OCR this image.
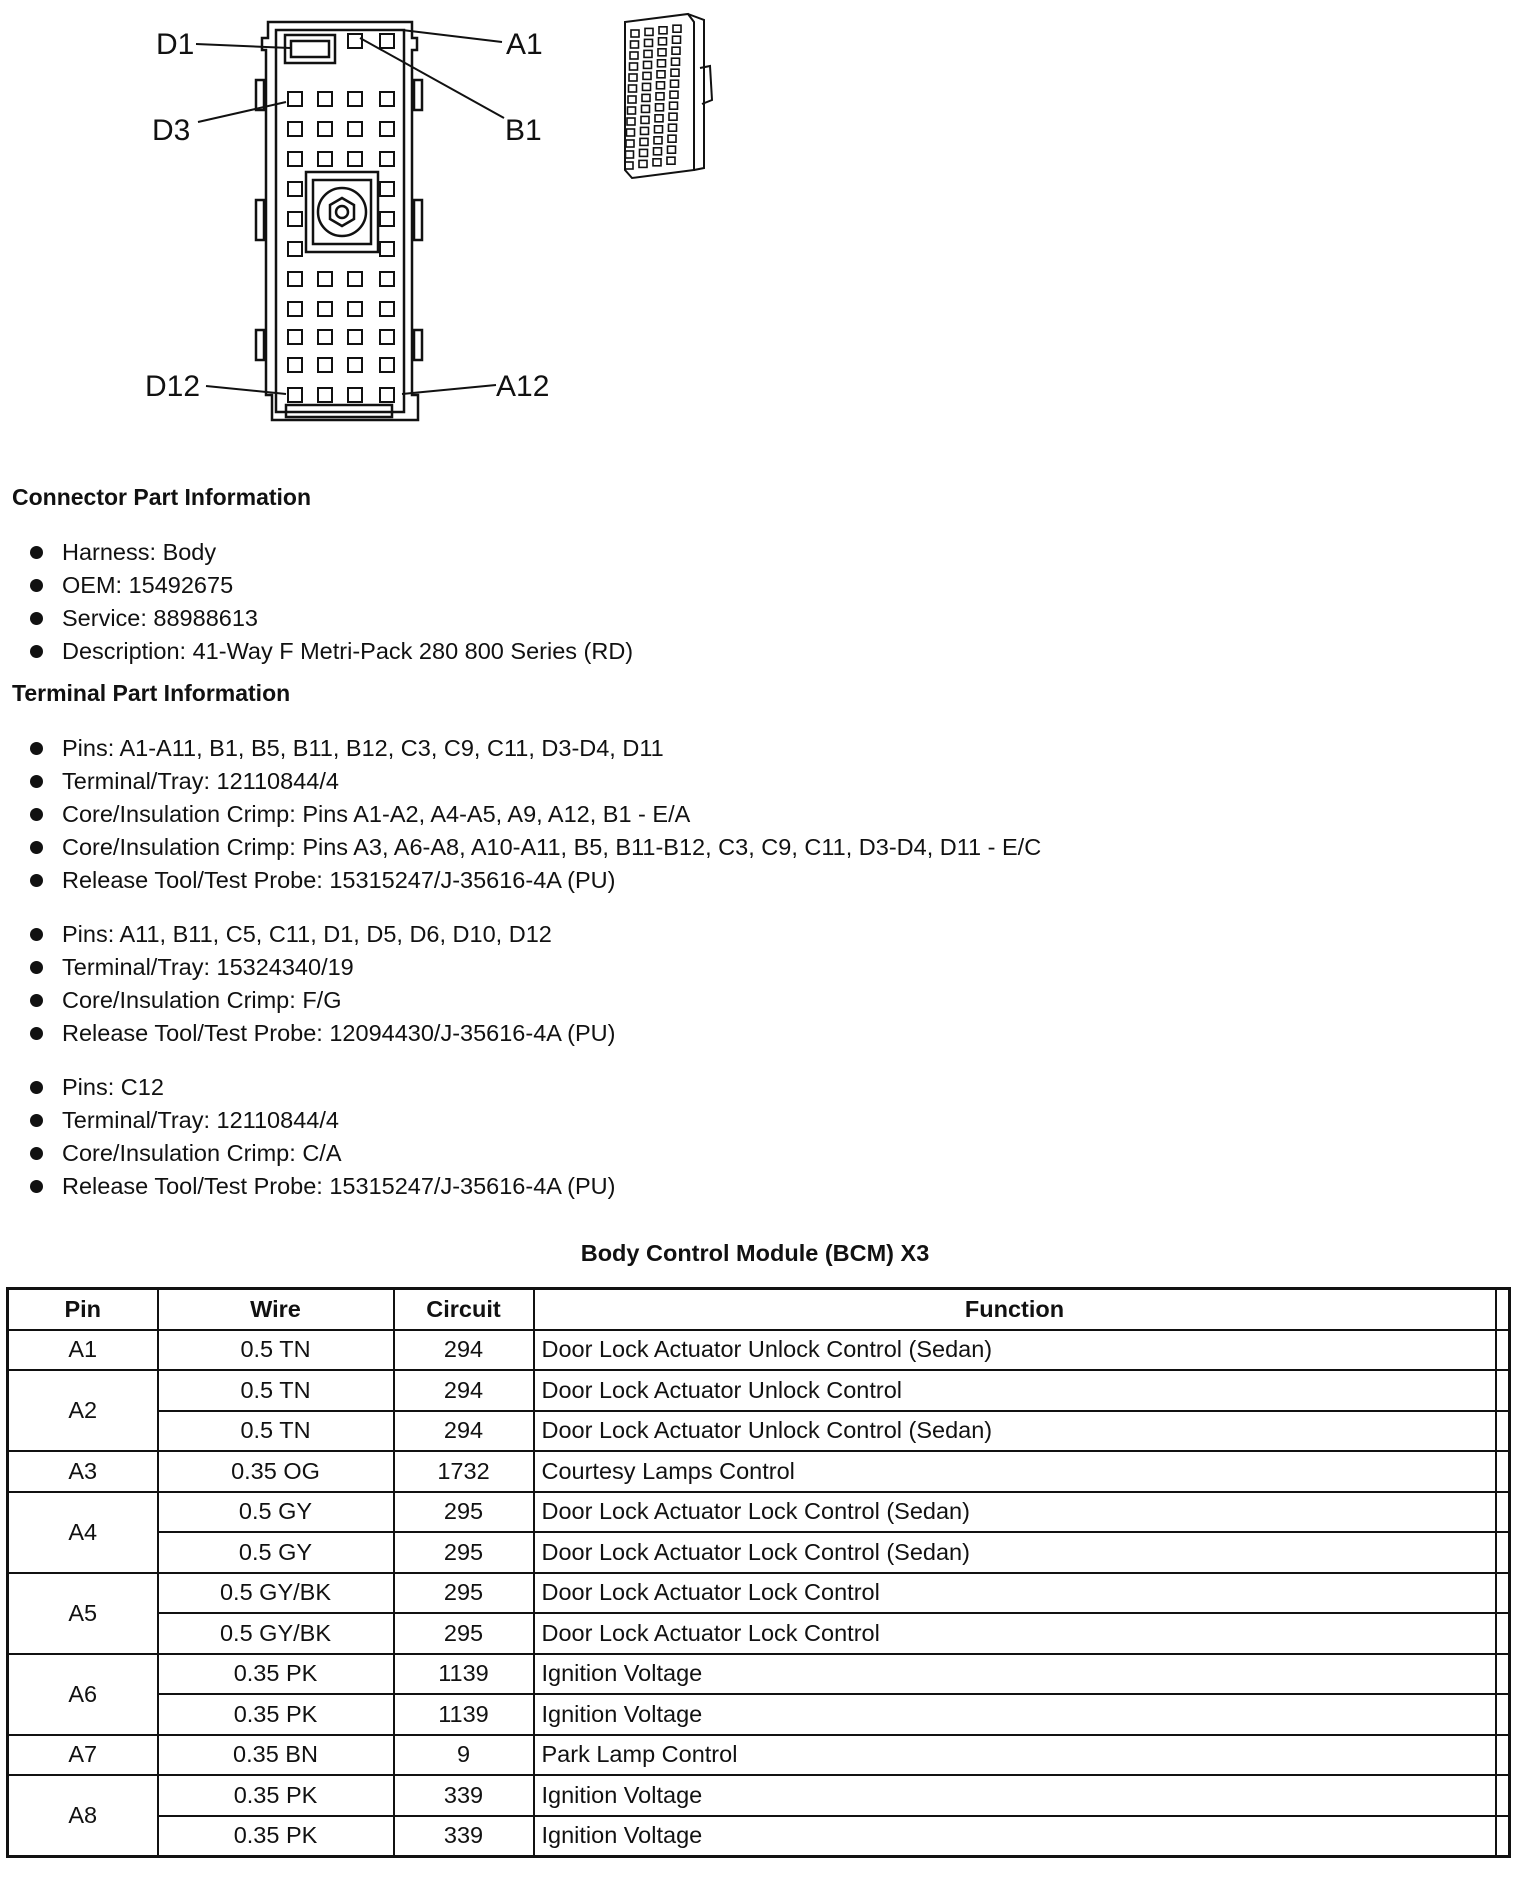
D1	A1
D3	B1
D12	A12
Connector Part Information
Harness: Body
OEM: 15492675
Service: 88988613
Description: 41-Way F Metri-Pack 280 800 Series (RD)
Terminal Part Information
Pins: A1-A11, B1, B5, B11, B12, C3, C9, C11, D3-D4, D11
Terminal/Tray: 12110844/4
Core/Insulation Crimp: Pins A1-A2, A4-A5, A9, A12, B1 - E/A
Core/Insulation Crimp: Pins A3, A6-A8, A10-A11, B5, B11-B12, C3, C9, C11, D3-D4, D11 - E/C
Release Tool/Test Probe: 15315247/J-35616-4A (PU)
Pins: A11, B11, C5, C11, D1, D5, D6, D10, D12
Terminal/Tray: 15324340/19
Core/Insulation Crimp: F/G
Release Tool/Test Probe: 12094430/J-35616-4A (PU)
Pins: C12
Terminal/Tray: 12110844/4
Core/Insulation Crimp: C/A
Release Tool/Test Probe: 15315247/J-35616-4A (PU)
Body Control Module (BCM) X3
Pin	Wire	Circuit	Function	
A1	0.5 TN	294	Door Lock Actuator Unlock Control (Sedan)	
A2	0.5 TN	294	Door Lock Actuator Unlock Control	
	0.5 TN	294	Door Lock Actuator Unlock Control (Sedan)	
A3	0.35 OG	1732	Courtesy Lamps Control	
A4	0.5 GY	295	Door Lock Actuator Lock Control (Sedan)	
	0.5 GY	295	Door Lock Actuator Lock Control (Sedan)	
A5	0.5 GY/BK	295	Door Lock Actuator Lock Control	
	0.5 GY/BK	295	Door Lock Actuator Lock Control	
A6	0.35 PK	1139	Ignition Voltage	
	0.35 PK	1139	Ignition Voltage	
A7	0.35 BN	9	Park Lamp Control	
A8	0.35 PK	339	Ignition Voltage	
	0.35 PK	339	Ignition Voltage	
